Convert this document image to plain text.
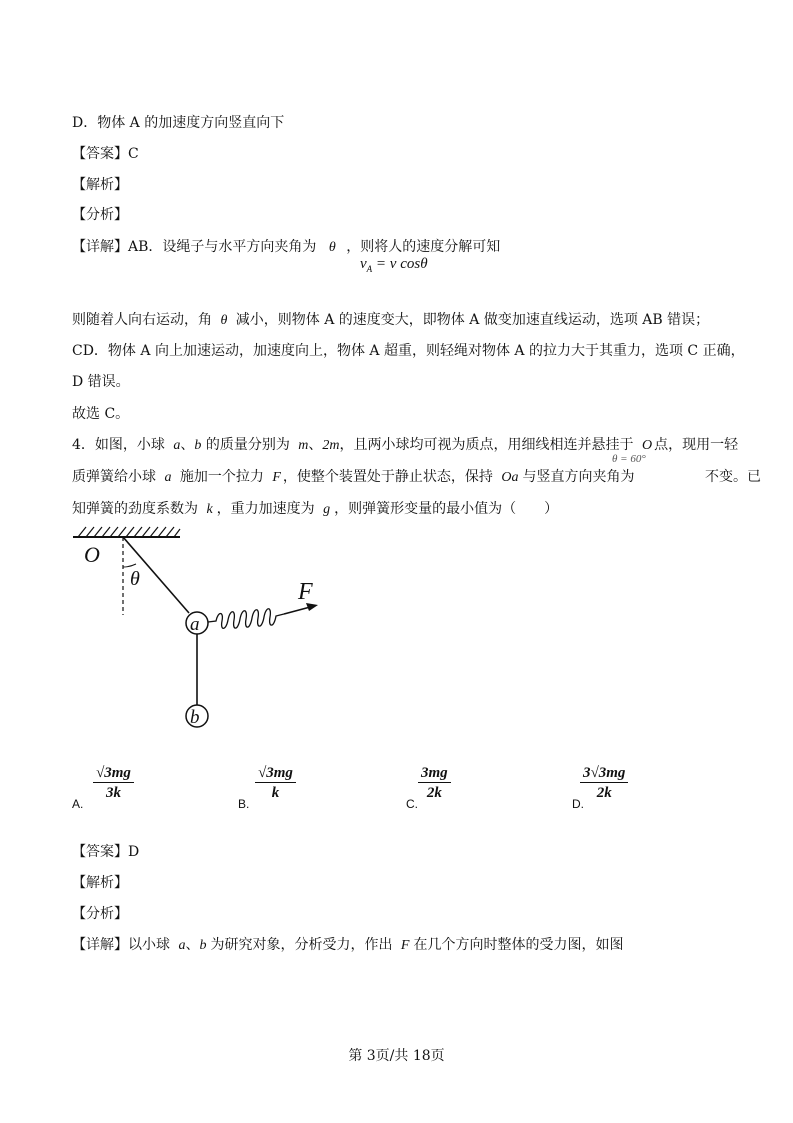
D．物体 A 的加速度方向竖直向下
【答案】C
【解析】
【分析】
【详解】AB．设绳子与水平方向夹角为 θ ，则将人的速度分解可知
$v_A = v$ cosθ
则随着人向右运动，角 θ 减小，则物体 A 的速度变大，即物体 A 做变加速直线运动，选项 AB 错误；
CD．物体 A 向上加速运动，加速度向上，物体 A 超重，则轻绳对物体 A 的拉力大于其重力，选项 C 正确，
D 错误。
故选 C。
4．如图，小球 a、b 的质量分别为 m、2m，且两小球均可视为质点，用细线相连并悬挂于 O 点，现用一轻
θ = 60°
质弹簧给小球 a 施加一个拉力 F ，使整个装置处于静止状态，保持 Oa 与竖直方向夹角为	不变。已
知弹簧的劲度系数为 k ，重力加速度为 g ，则弹簧形变量的最小值为（　　）
O
θ
a
b
F
A.
$\frac{√3mg}{3k}$
B.
$\frac{√3mg}{k}$
C.
$\frac{3mg}{2k}$
D.
$\frac{3√3mg}{2k}$
【答案】D
【解析】
【分析】
【详解】以小球 a、b 为研究对象，分析受力，作出 F 在几个方向时整体的受力图，如图
第 3页/共 18页
